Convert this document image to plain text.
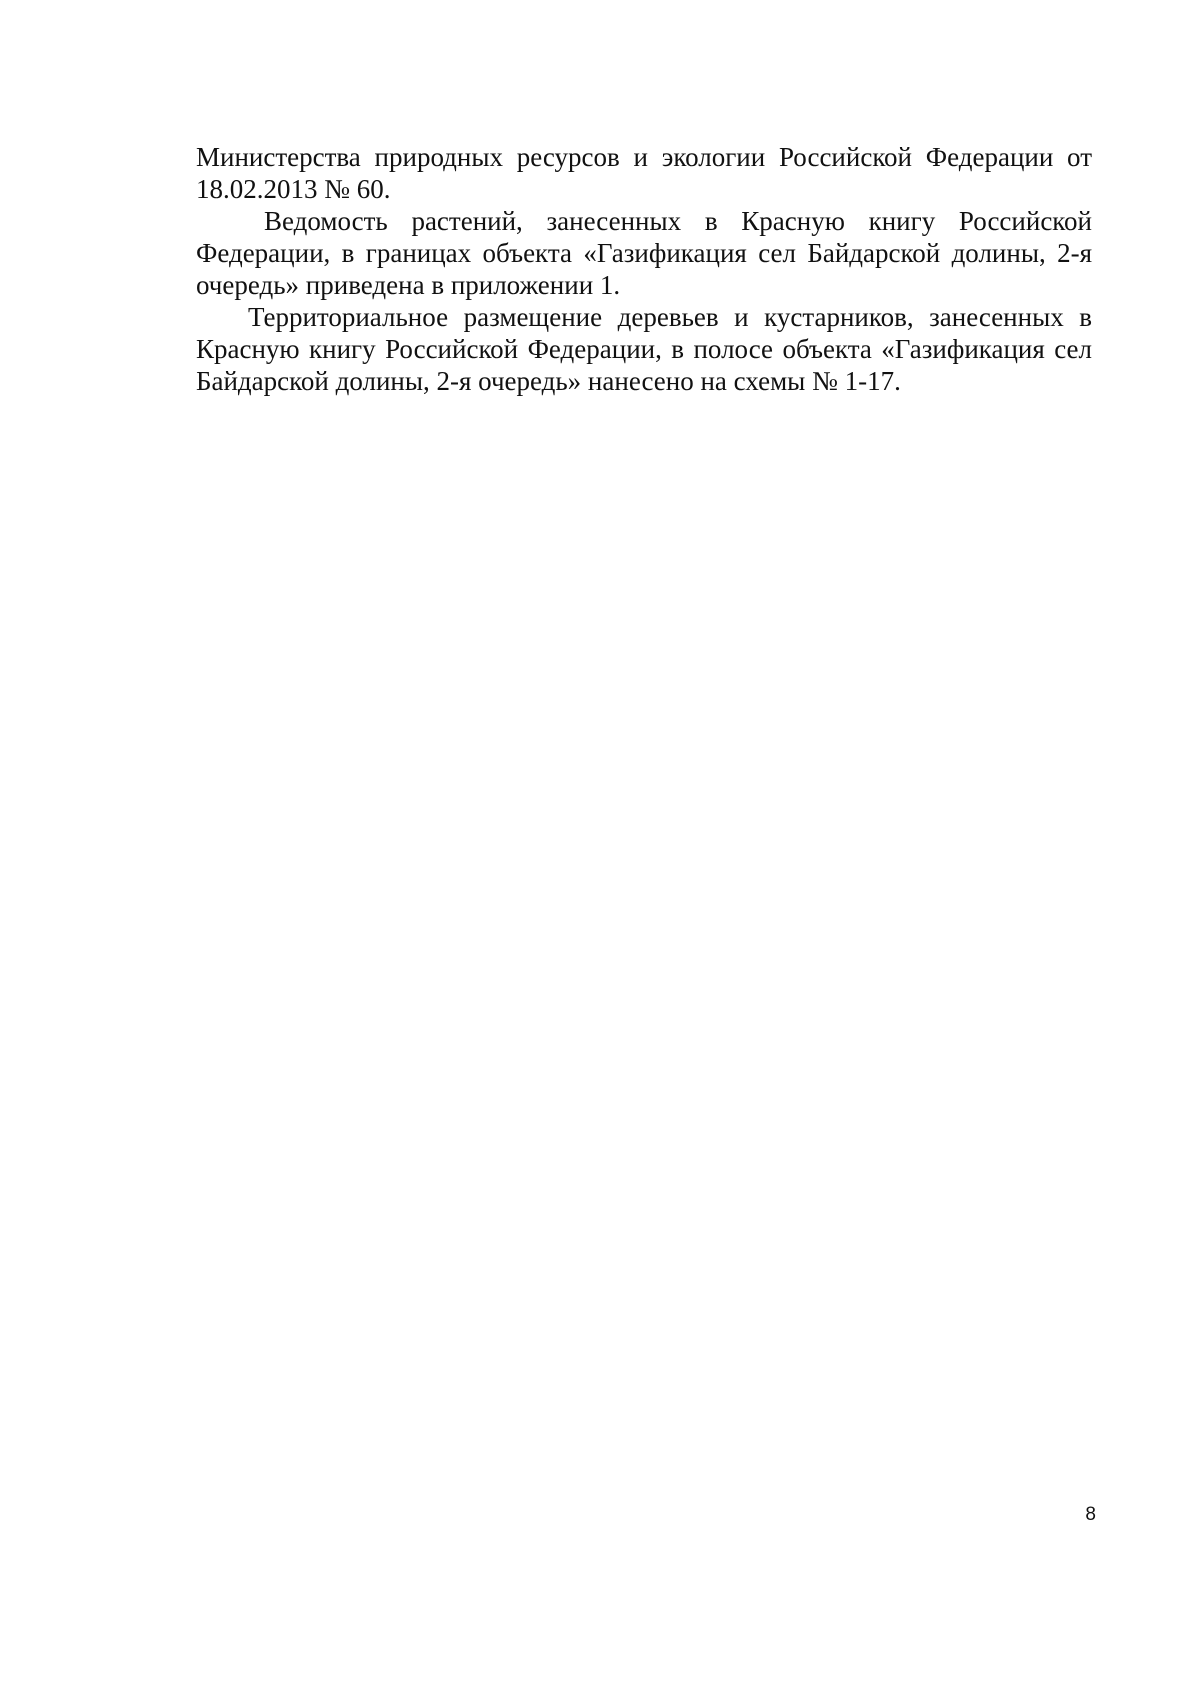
Министерства природных ресурсов и экологии Российской Федерации от 18.02.2013 № 60.

Ведомость растений, занесенных в Красную книгу Российской Федерации, в границах объекта «Газификация сел Байдарской долины, 2-я очередь» приведена в приложении 1.

Территориальное размещение деревьев и кустарников, занесенных в Красную книгу Российской Федерации, в полосе объекта «Газификация сел Байдарской долины, 2-я очередь» нанесено на схемы № 1-17.

8
